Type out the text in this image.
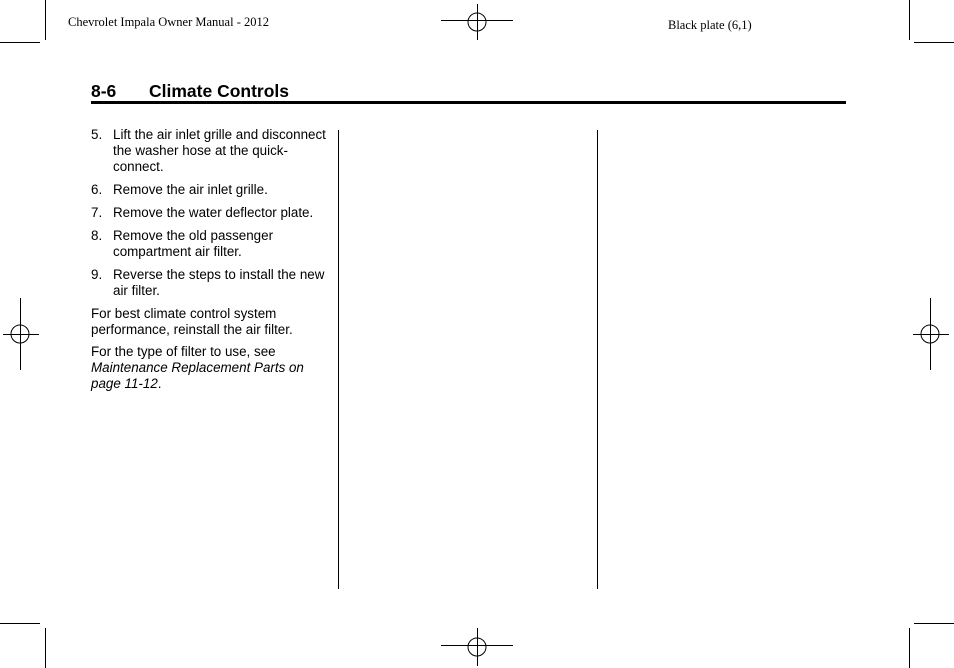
Chevrolet Impala Owner Manual - 2012	Black plate (6,1)
8-6 Climate Controls
5. Lift the air inlet grille and disconnect the washer hose at the quick-connect.
6. Remove the air inlet grille.
7. Remove the water deflector plate.
8. Remove the old passenger compartment air filter.
9. Reverse the steps to install the new air filter.

For best climate control system performance, reinstall the air filter.

For the type of filter to use, see Maintenance Replacement Parts on page 11-12.
